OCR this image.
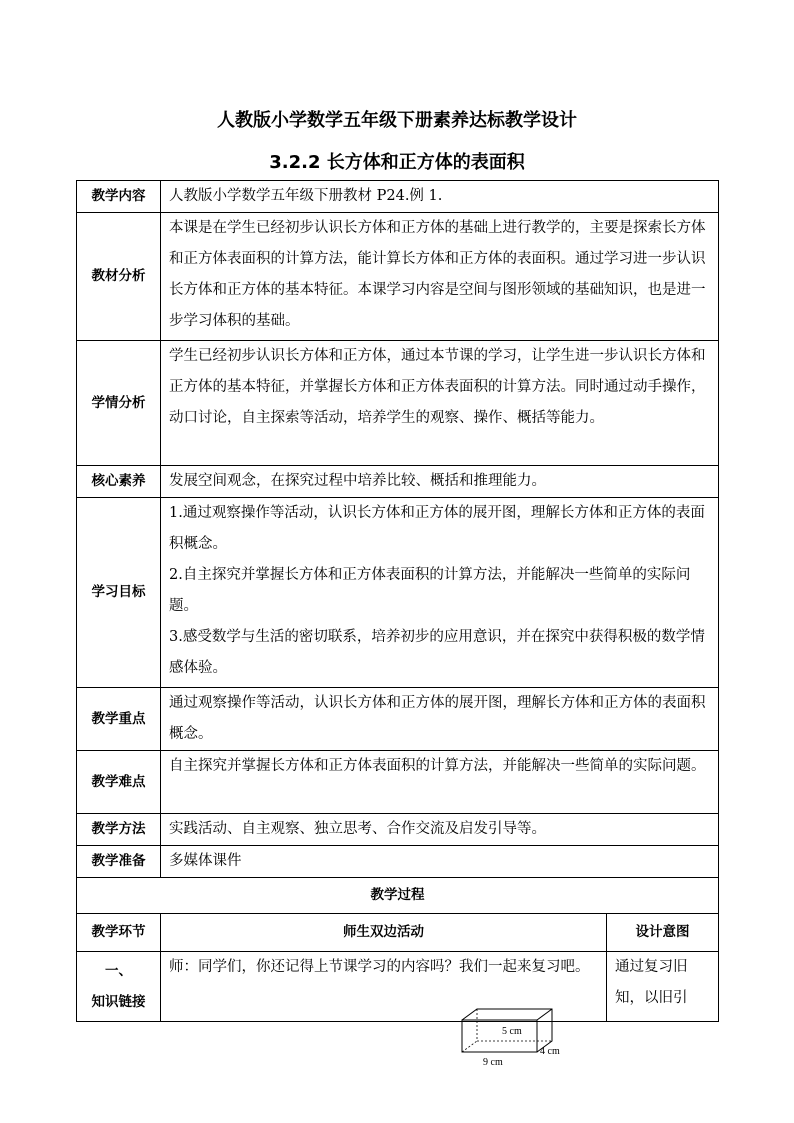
人教版小学数学五年级下册素养达标教学设计
3.2.2 长方体和正方体的表面积
教学内容	人教版小学数学五年级下册教材 P24.例 1.	
教材分析	本课是在学生已经初步认识长方体和正方体的基础上进行教学的，主要是探索长方体和正方体表面积的计算方法，能计算长方体和正方体的表面积。通过学习进一步认识长方体和正方体的基本特征。本课学习内容是空间与图形领域的基础知识，也是进一步学习体积的基础。	
学情分析	学生已经初步认识长方体和正方体，通过本节课的学习，让学生进一步认识长方体和正方体的基本特征，并掌握长方体和正方体表面积的计算方法。同时通过动手操作，动口讨论，自主探索等活动，培养学生的观察、操作、概括等能力。	
核心素养	发展空间观念，在探究过程中培养比较、概括和推理能力。	
学习目标	1.通过观察操作等活动，认识长方体和正方体的展开图，理解长方体和正方体的表面积概念。
2.自主探究并掌握长方体和正方体表面积的计算方法，并能解决一些简单的实际问题。
3.感受数学与生活的密切联系，培养初步的应用意识，并在探究中获得积极的数学情感体验。	

教学重点	通过观察操作等活动，认识长方体和正方体的展开图，理解长方体和正方体的表面积概念。	
教学难点	自主探究并掌握长方体和正方体表面积的计算方法，并能解决一些简单的实际问题。	
教学方法	实践活动、自主观察、独立思考、合作交流及启发引导等。	
教学准备	多媒体课件	
教学过程		
教学环节	师生双边活动	设计意图

一、
知识链接	师：同学们，你还记得上节课学习的内容吗？我们一起来复习吧。	通过复习旧知，以旧引
5 cm
4 cm
9 cm
